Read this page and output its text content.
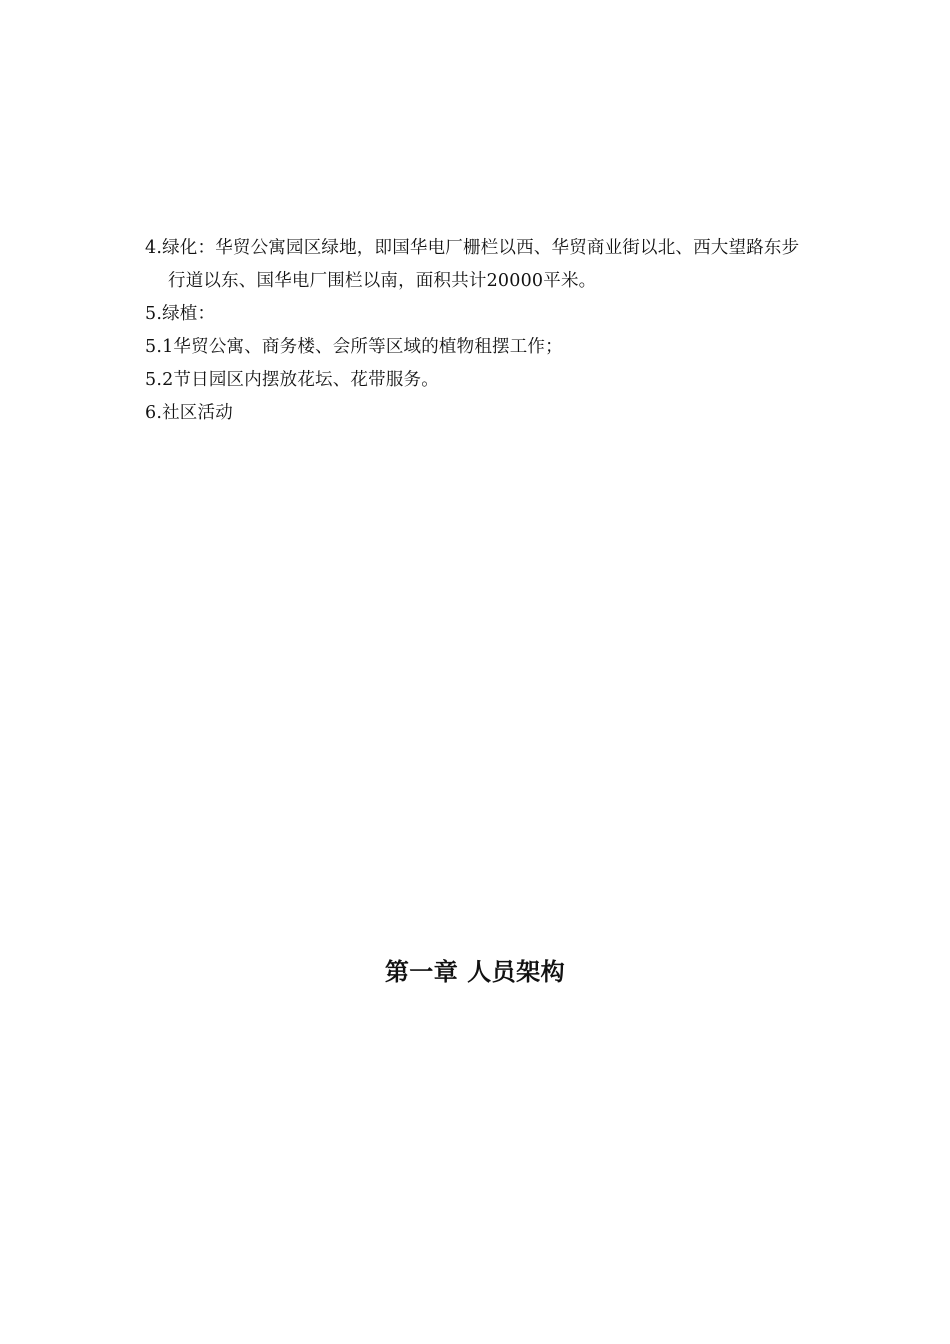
4.绿化：华贸公寓园区绿地，即国华电厂栅栏以西、华贸商业街以北、西大望路东步行道以东、国华电厂围栏以南，面积共计20000平米。
5.绿植：
5.1华贸公寓、商务楼、会所等区域的植物租摆工作；
5.2节日园区内摆放花坛、花带服务。
6.社区活动
第一章 人员架构
